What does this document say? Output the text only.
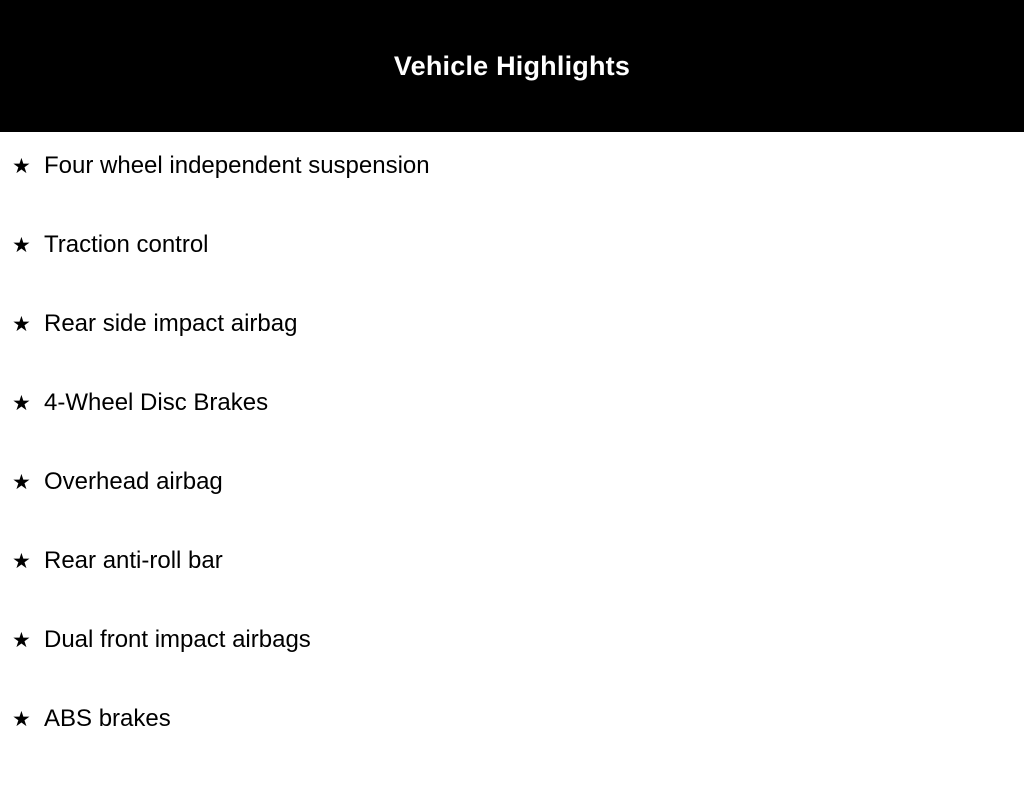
Vehicle Highlights
★ Four wheel independent suspension
★ Traction control
★ Rear side impact airbag
★ 4-Wheel Disc Brakes
★ Overhead airbag
★ Rear anti-roll bar
★ Dual front impact airbags
★ ABS brakes
